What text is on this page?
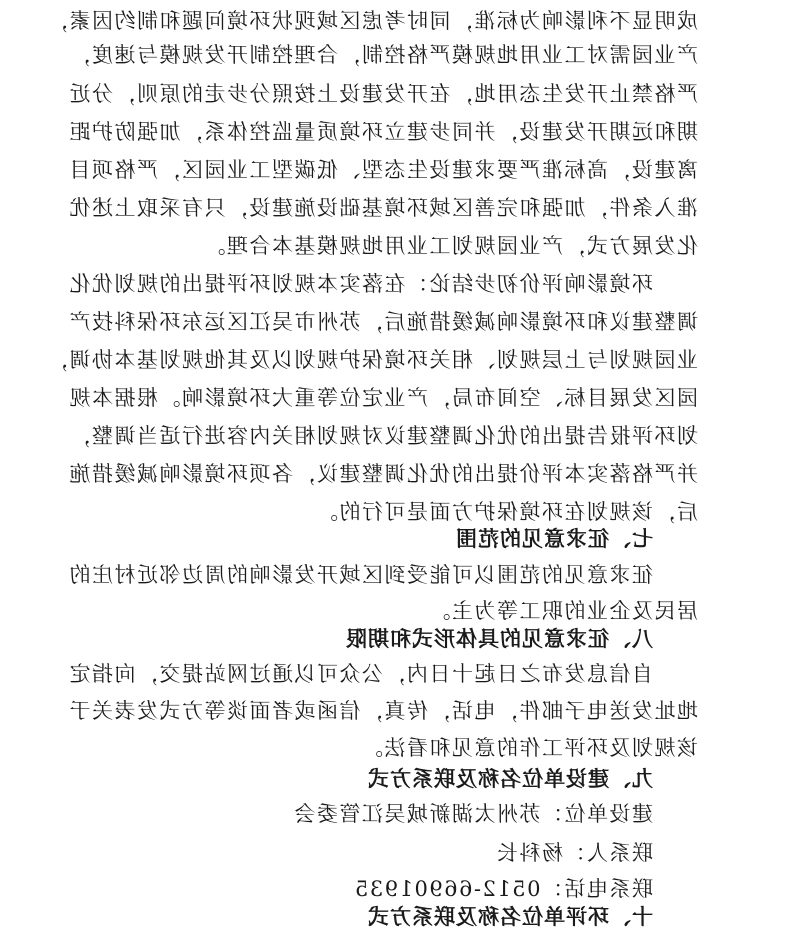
成明显不利影响为标准，同时考虑区域现状环境问题和制约因素，

产业园需对工业用地规模严格控制，合理控制开发规模与速度，

严格禁止开发生态用地，在开发建设上按照分步走的原则，分近

期和远期开发建设，并同步建立环境质量监控体系，加强防护距

离建设，高标准严要求建设生态型、低碳型工业园区，严格项目

准入条件，加强和完善区域环境基础设施建设，只有采取上述优

化发展方式，产业园规划工业用地规模基本合理。

环境影响评价初步结论：在落实本规划环评提出的规划优化

调整建议和环境影响减缓措施后，苏州市吴江区运东环保科技产

业园规划与上层规划、相关环境保护规划以及其他规划基本协调，

园区发展目标、空间布局，产业定位等重大环境影响。根据本规

划环评报告提出的优化调整建议对规划相关内容进行适当调整，

并严格落实本评价提出的优化调整建议，各项环境影响减缓措施

后，该规划在环境保护方面是可行的。

七、征求意见的范围

征求意见的范围以可能受到区域开发影响的周边邻近村庄的

居民及企业的职工等为主。

八、征求意见的具体形式和期限

自信息发布之日起十日内，公众可以通过网站提交，向指定

地址发送电子邮件，电话，传真，信函或者面谈等方式发表关于

该规划及环评工作的意见和看法。

九、建设单位名称及联系方式

建设单位：苏州太湖新城吴江管委会

联系人：杨科长

联系电话：0512-66901935

十、环评单位名称及联系方式
